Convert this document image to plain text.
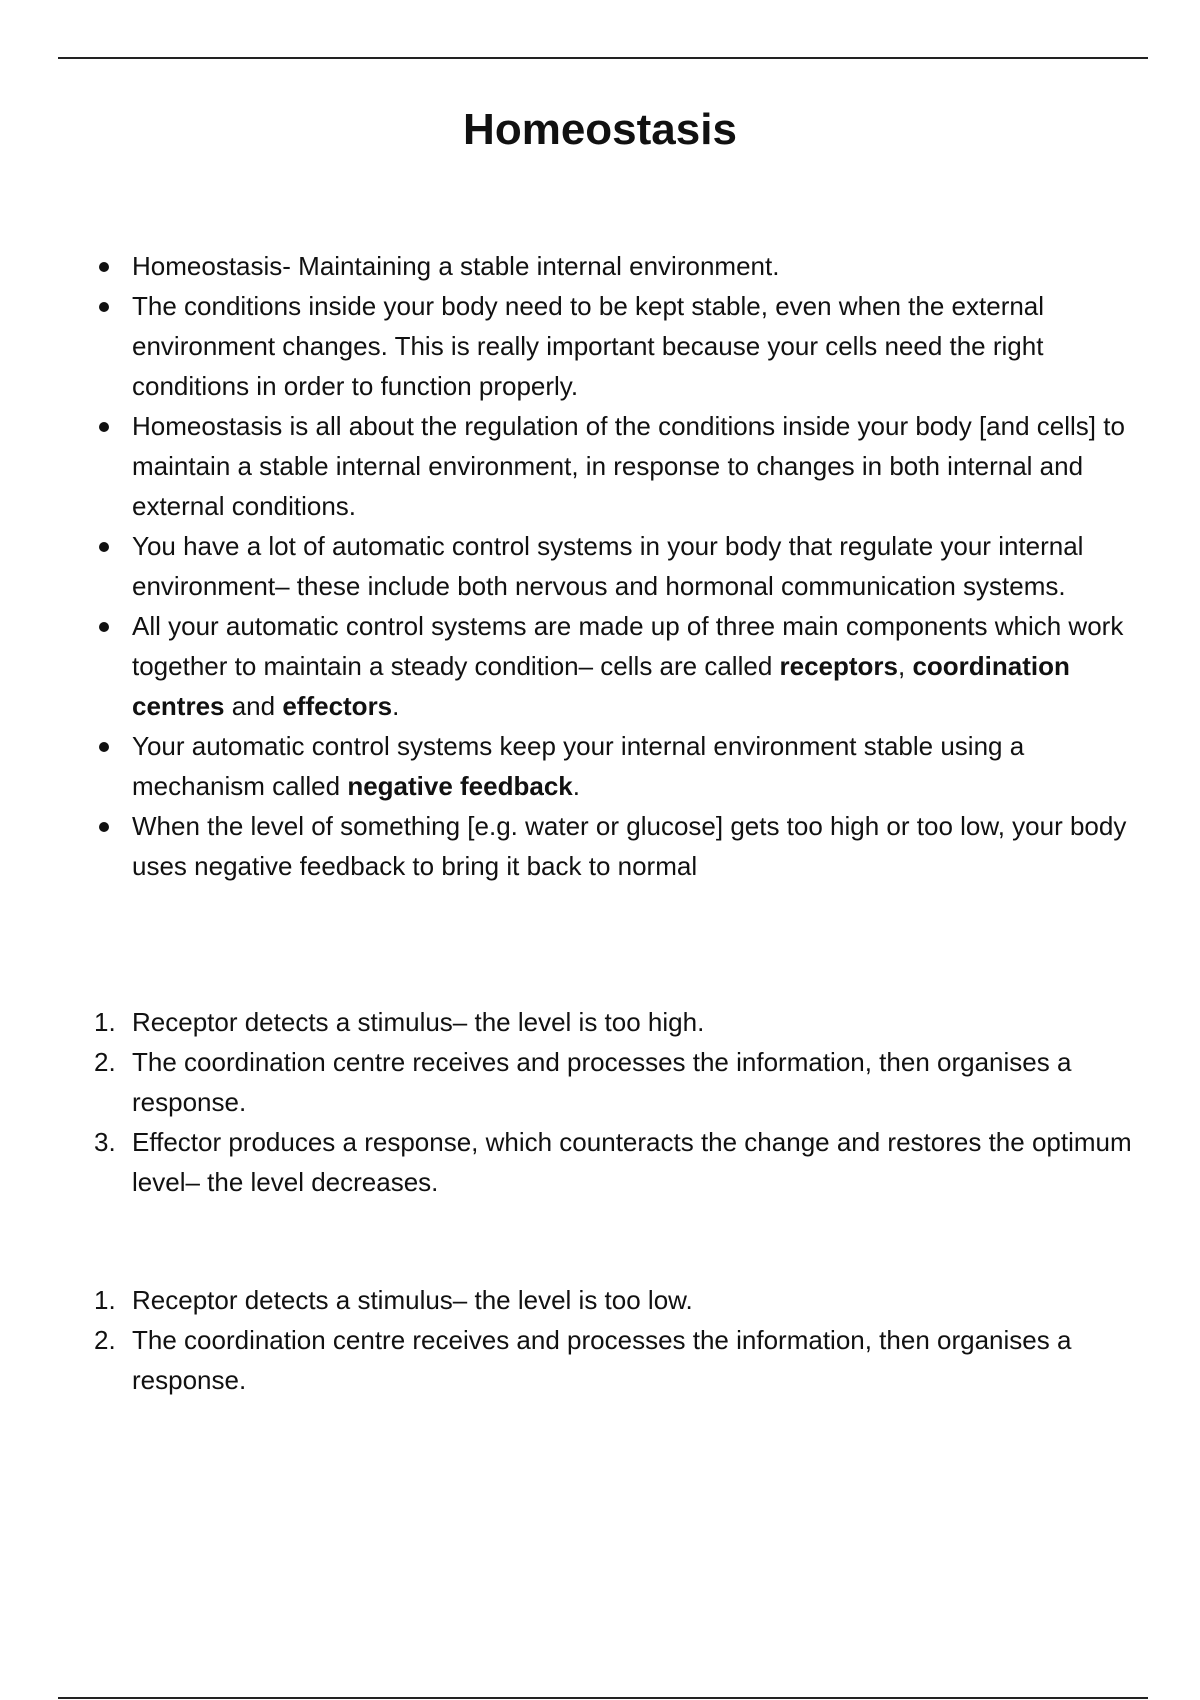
Homeostasis
Homeostasis- Maintaining a stable internal environment.
The conditions inside your body need to be kept stable, even when the external environment changes. This is really important because your cells need the right conditions in order to function properly.
Homeostasis is all about the regulation of the conditions inside your body [and cells] to maintain a stable internal environment, in response to changes in both internal and external conditions.
You have a lot of automatic control systems in your body that regulate your internal environment– these include both nervous and hormonal communication systems.
All your automatic control systems are made up of three main components which work together to maintain a steady condition– cells are called receptors, coordination centres and effectors.
Your automatic control systems keep your internal environment stable using a mechanism called negative feedback.
When the level of something [e.g. water or glucose] gets too high or too low, your body uses negative feedback to bring it back to normal
1. Receptor detects a stimulus– the level is too high.
2. The coordination centre receives and processes the information, then organises a response.
3. Effector produces a response, which counteracts the change and restores the optimum level– the level decreases.
1. Receptor detects a stimulus– the level is too low.
2. The coordination centre receives and processes the information, then organises a response.
